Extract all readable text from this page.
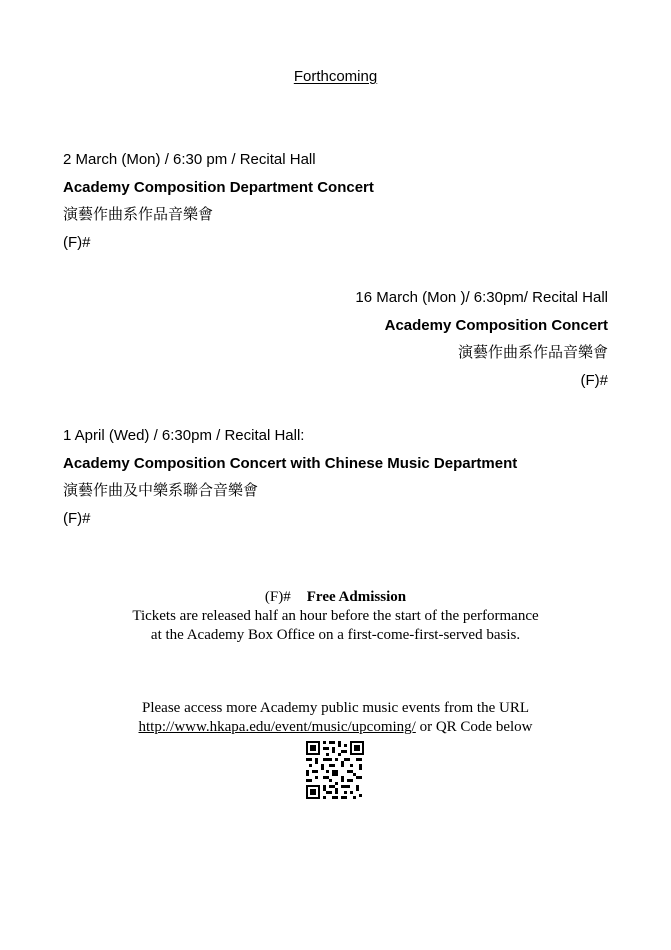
Forthcoming
2 March (Mon) / 6:30 pm / Recital Hall
Academy Composition Department Concert
演藝作曲系作品音樂會
(F)#
16 March (Mon )/ 6:30pm/ Recital Hall
Academy Composition Concert
演藝作曲系作品音樂會
(F)#
1 April (Wed) / 6:30pm / Recital Hall:
Academy Composition Concert with Chinese Music Department
演藝作曲及中樂系聯合音樂會
(F)#
(F)# Free Admission
Tickets are released half an hour before the start of the performance
at the Academy Box Office on a first-come-first-served basis.
Please access more Academy public music events from the URL
http://www.hkapa.edu/event/music/upcoming/ or QR Code below
